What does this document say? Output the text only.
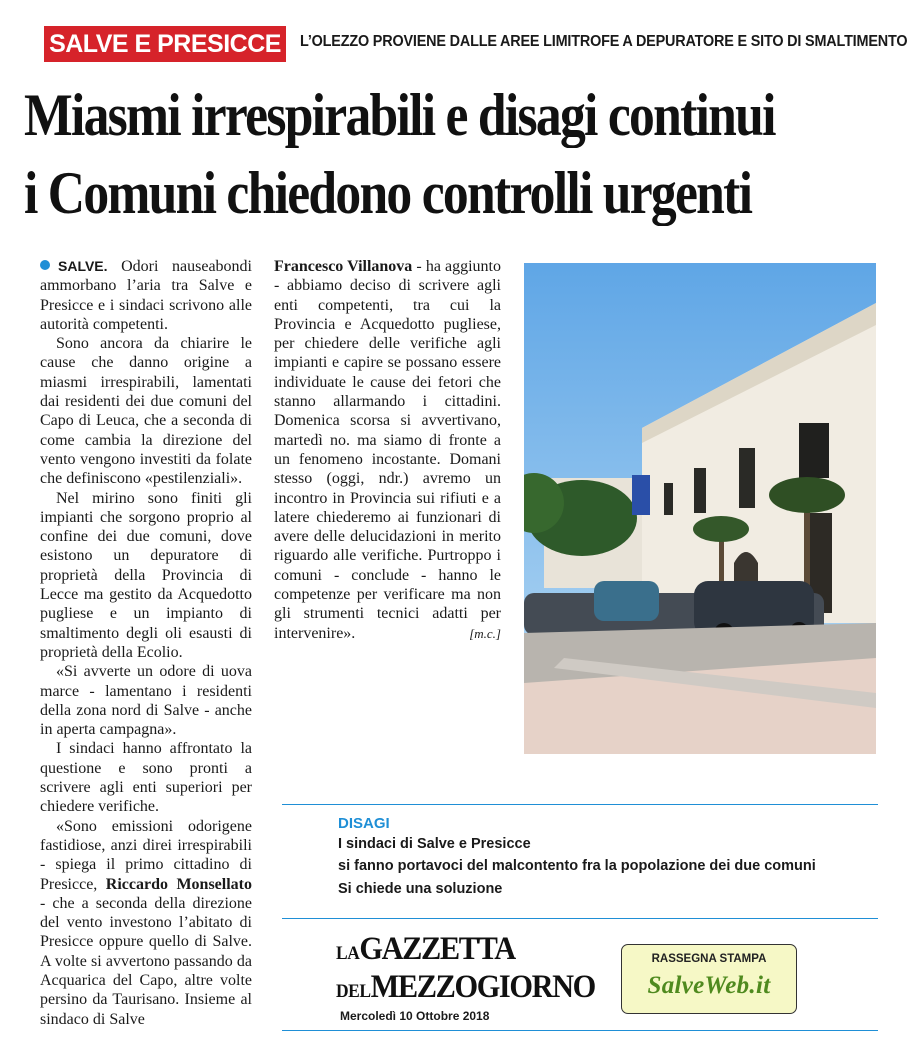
SALVE E PRESICCE	L’OLEZZO PROVIENE DALLE AREE LIMITROFE A DEPURATORE E SITO DI SMALTIMENTO
Miasmi irrespirabili e disagi continui
i Comuni chiedono controlli urgenti

SALVE. Odori nauseabondi ammorbano l’aria tra Salve e Presicce e i sindaci scrivono alle autorità competenti.

Sono ancora da chiarire le cause che danno origine a miasmi irrespirabili, lamentati dai residenti dei due comuni del Capo di Leuca, che a seconda di come cambia la direzione del vento vengono investiti da folate che definiscono «pestilenziali».

Nel mirino sono finiti gli impianti che sorgono proprio al confine dei due comuni, dove esistono un depuratore di proprietà della Provincia di Lecce ma gestito da Acquedotto pugliese e un impianto di smaltimento degli oli esausti di proprietà della Ecolio.

«Si avverte un odore di uova marce - lamentano i residenti della zona nord di Salve - anche in aperta campagna».

I sindaci hanno affrontato la questione e sono pronti a scrivere agli enti superiori per chiedere verifiche.

«Sono emissioni odorigene fastidiose, anzi direi irrespirabili - spiega il primo cittadino di Presicce, Riccardo Monsellato - che a seconda della direzione del vento investono l’abitato di Presicce oppure quello di Salve. A volte si avvertono passando da Acquarica del Capo, altre volte persino da Taurisano. Insieme al sindaco di Salve

Francesco Villanova - ha aggiunto - abbiamo deciso di scrivere agli enti competenti, tra cui la Provincia e Acquedotto pugliese, per chiedere delle verifiche agli impianti e capire se possano essere individuate le cause dei fetori che stanno allarmando i cittadini. Domenica scorsa si avvertivano, martedì no. ma siamo di fronte a un fenomeno incostante. Domani stesso (oggi, ndr.) avremo un incontro in Provincia sui rifiuti e a latere chiederemo ai funzionari di avere delle delucidazioni in merito riguardo alle verifiche. Purtroppo i comuni - conclude - hanno le competenze per verificare ma non gli strumenti tecnici adatti per intervenire».	[m.c.]

DISAGI
I sindaci di Salve e Presicce
si fanno portavoci del malcontento fra la popolazione dei due comuni
Si chiede una soluzione
LAGAZZETTA
DELMEZZOGIORNO
Mercoledì 10 Ottobre 2018
RASSEGNA STAMPA
SalveWeb.it
